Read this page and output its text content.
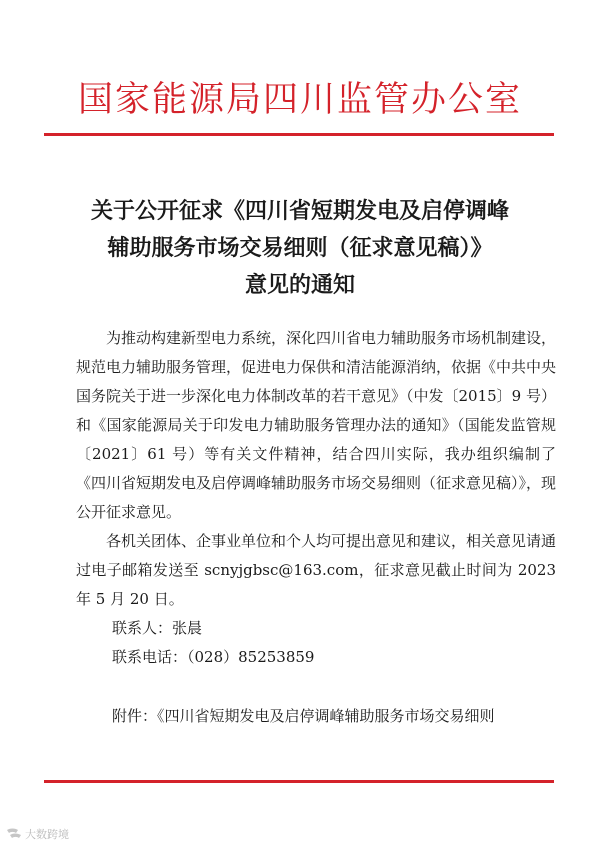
国家能源局四川监管办公室
关于公开征求《四川省短期发电及启停调峰
辅助服务市场交易细则（征求意见稿）》
意见的通知

为推动构建新型电力系统，深化四川省电力辅助服务市场机制建设，规范电力辅助服务管理，促进电力保供和清洁能源消纳，依据《中共中央国务院关于进一步深化电力体制改革的若干意见》（中发〔2015〕9 号）和《国家能源局关于印发电力辅助服务管理办法的通知》（国能发监管规〔2021〕61 号）等有关文件精神，结合四川实际，我办组织编制了《四川省短期发电及启停调峰辅助服务市场交易细则（征求意见稿）》，现公开征求意见。

各机关团体、企事业单位和个人均可提出意见和建议，相关意见请通过电子邮箱发送至 scnyjgbsc@163.com，征求意见截止时间为 2023 年 5 月 20 日。

联系人：张晨
联系电话：（028）85253859
附件：《四川省短期发电及启停调峰辅助服务市场交易细则
大数跨境
